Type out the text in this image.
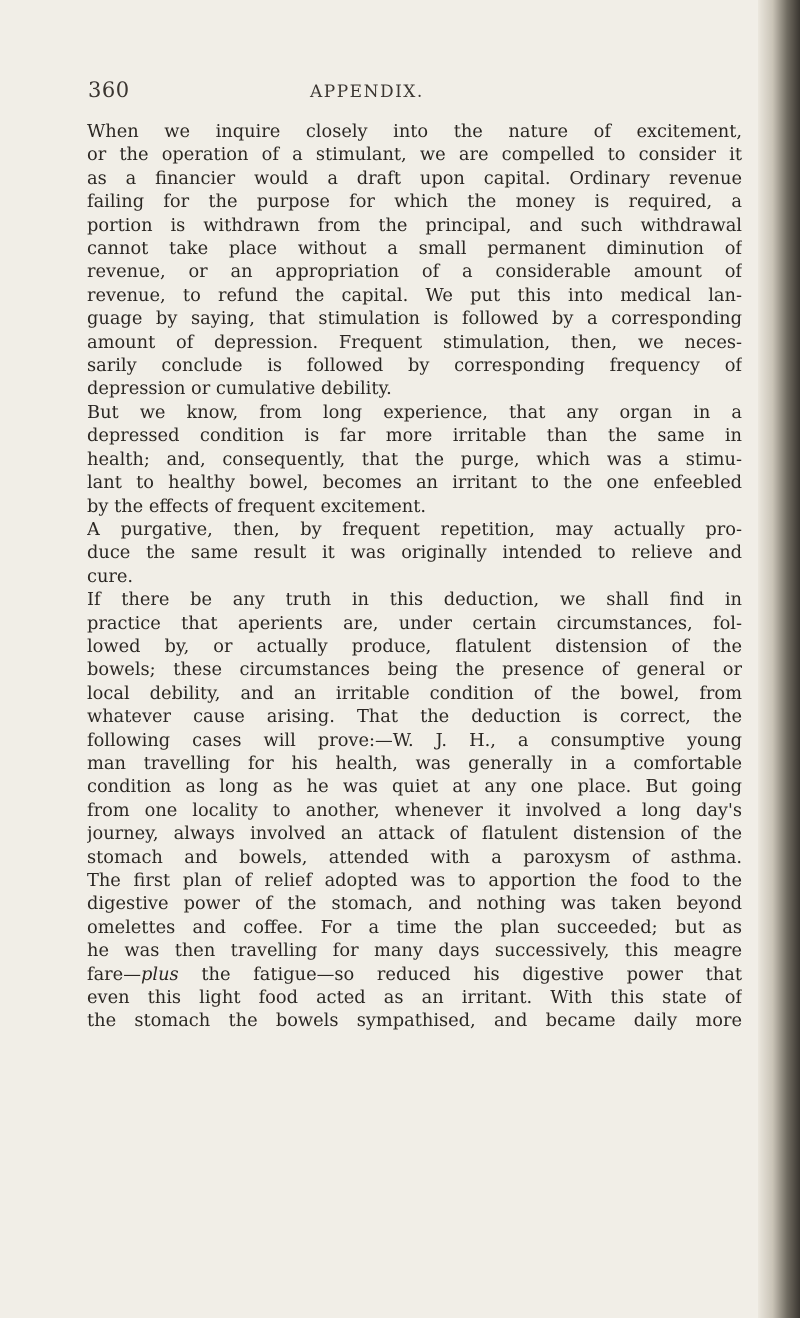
360	APPENDIX.
When we inquire closely into the nature of excitement,
or the operation of a stimulant, we are compelled to consider it
as a financier would a draft upon capital. Ordinary revenue
failing for the purpose for which the money is required, a
portion is withdrawn from the principal, and such withdrawal
cannot take place without a small permanent diminution of
revenue, or an appropriation of a considerable amount of
revenue, to refund the capital. We put this into medical lan-
guage by saying, that stimulation is followed by a corresponding
amount of depression. Frequent stimulation, then, we neces-
sarily conclude is followed by corresponding frequency of
depression or cumulative debility.
But we know, from long experience, that any organ in a
depressed condition is far more irritable than the same in
health; and, consequently, that the purge, which was a stimu-
lant to healthy bowel, becomes an irritant to the one enfeebled
by the effects of frequent excitement.
A purgative, then, by frequent repetition, may actually pro-
duce the same result it was originally intended to relieve and
cure.
If there be any truth in this deduction, we shall find in
practice that aperients are, under certain circumstances, fol-
lowed by, or actually produce, flatulent distension of the
bowels; these circumstances being the presence of general or
local debility, and an irritable condition of the bowel, from
whatever cause arising. That the deduction is correct, the
following cases will prove:—W. J. H., a consumptive young
man travelling for his health, was generally in a comfortable
condition as long as he was quiet at any one place. But going
from one locality to another, whenever it involved a long day's
journey, always involved an attack of flatulent distension of the
stomach and bowels, attended with a paroxysm of asthma.
The first plan of relief adopted was to apportion the food to the
digestive power of the stomach, and nothing was taken beyond
omelettes and coffee. For a time the plan succeeded; but as
he was then travelling for many days successively, this meagre
fare—plus the fatigue—so reduced his digestive power that
even this light food acted as an irritant. With this state of
the stomach the bowels sympathised, and became daily more
